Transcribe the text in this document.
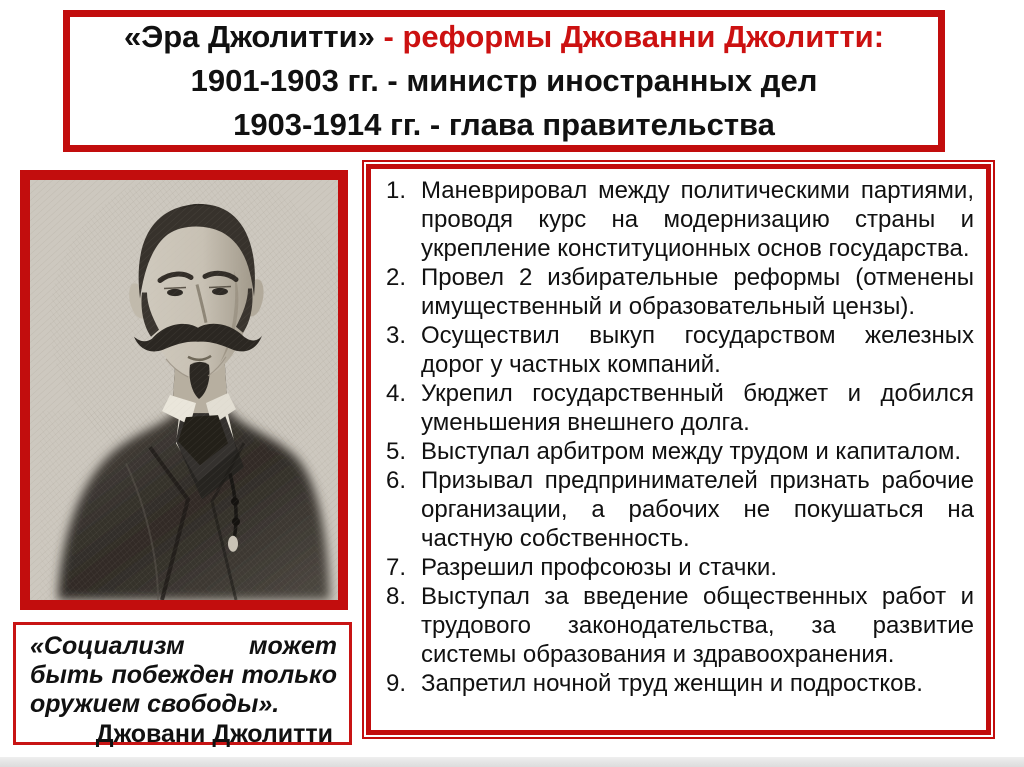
«Эра Джолитти» - реформы Джованни Джолитти:
1901-1903 гг. - министр иностранных дел
1903-1914 гг. - глава правительства

«Социализм может быть побежден только оружием свободы».

Джовани Джолитти

1. Маневрировал между политическими партиями, проводя курс на модернизацию страны и укрепление конституционных основ государства.
2. Провел 2 избирательные реформы (отменены имущественный и образовательный цензы).
3. Осуществил выкуп государством железных дорог у частных компаний.
4. Укрепил государственный бюджет и добился уменьшения внешнего долга.
5. Выступал арбитром между трудом и капиталом.
6. Призывал предпринимателей признать рабочие организации, а рабочих не покушаться на частную собственность.
7. Разрешил профсоюзы и стачки.
8. Выступал за введение общественных работ и трудового законодательства, за развитие системы образования и здравоохранения.
9. Запретил ночной труд женщин и подростков.
